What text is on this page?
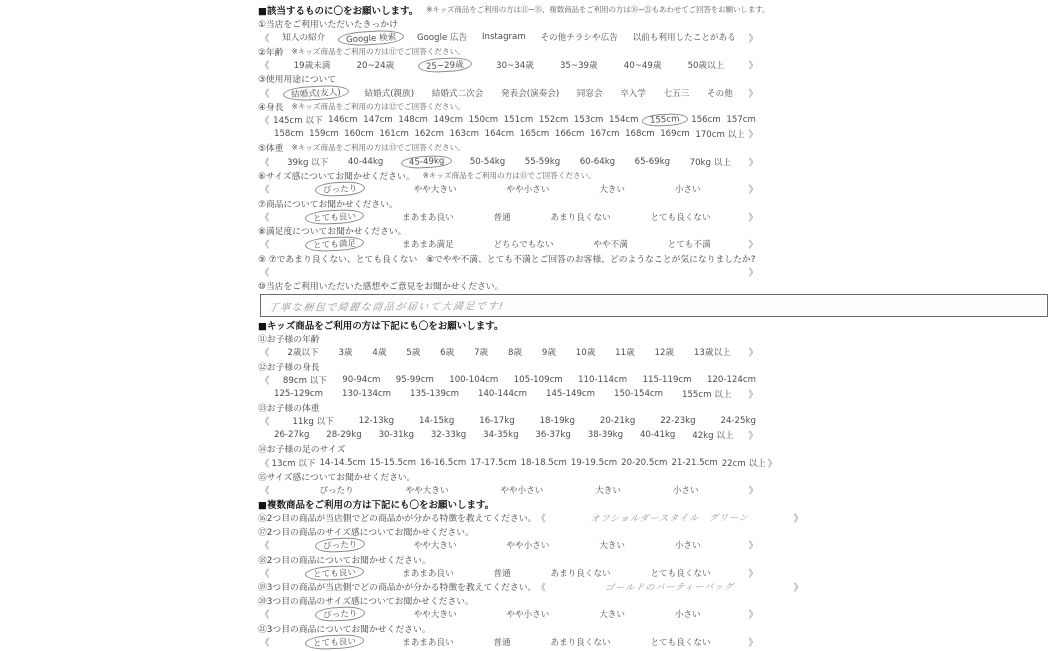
■該当するものに〇をお願いします。 ※キッズ商品をご利用の方は⑪~⑮、複数商品をご利用の方は⑯~㉑もあわせてご回答をお願いします。
①当店をご利用いただいたきっかけ
《 知人の紹介	Google 検索	Google 広告 Instagram その他チラシや広告 以前も利用したことがある 》
②年齢 ※キッズ商品をご利用の方は⑪でご回答ください。
《	19歳未満	20~24歳	25~29歳	30~34歳	35~39歳	40~49歳	50歳以上	》
③使用用途について
《	結婚式(友人)	結婚式(親族) 結婚式二次会 発表会(演奏会) 同窓会 卒入学 七五三 その他 》
④身長 ※キッズ商品をご利用の方は⑫でご回答ください。
《 145cm 以下 146cm 147cm 148cm 149cm 150cm 151cm 152cm 153cm 154cm	155cm	156cm 157cm
158cm 159cm 160cm 161cm 162cm 163cm 164cm 165cm 166cm 167cm 168cm 169cm 170cm 以上 》
⑤体重 ※キッズ商品をご利用の方は⑬でご回答ください。
《 39kg 以下 40-44kg	45-49kg	50-54kg 55-59kg 60-64kg 65-69kg 70kg 以上 》
⑥サイズ感についてお聞かせください。 ※キッズ商品をご利用の方は⑮でご回答ください。
《	ぴったり	やや大きい	やや小さい	大きい	小さい	》
⑦商品についてお聞かせください。
《	とても良い	まあまあ良い	普通	あまり良くない	とても良くない	》
⑧満足度についてお聞かせください。
《	とても満足	まあまあ満足	どちらでもない	やや不満	とても不満	》
⑨ ⑦であまり良くない、とても良くない　⑧でやや不満、とても不満とご回答のお客様、どのようなことが気になりましたか?
《	》
⑩当店をご利用いただいた感想やご意見をお聞かせください。
丁寧な梱包で綺麗な商品が届いて大満足です!
■キッズ商品をご利用の方は下記にも〇をお願いします。
⑪お子様の年齢
《 2歳以下 3歳 4歳 5歳 6歳 7歳 8歳 9歳 10歳 11歳 12歳 13歳以上 》
⑫お子様の身長
《 89cm 以下 90-94cm 95-99cm 100-104cm 105-109cm 110-114cm 115-119cm 120-124cm
125-129cm 130-134cm 135-139cm 140-144cm 145-149cm 150-154cm 155cm 以上 》
⑬お子様の体重
《	11kg 以下	12-13kg	14-15kg	16-17kg	18-19kg	20-21kg	22-23kg	24-25kg
26-27kg 28-29kg 30-31kg 32-33kg 34-35kg 36-37kg 38-39kg 40-41kg 42kg 以上 》
⑭お子様の足のサイズ
《 13cm 以下 14-14.5cm 15-15.5cm 16-16.5cm 17-17.5cm 18-18.5cm 19-19.5cm 20-20.5cm 21-21.5cm 22cm 以上 》
⑮サイズ感についてお聞かせください。
《	ぴったり	やや大きい	やや小さい	大きい	小さい	》
■複数商品をご利用の方は下記にも〇をお願いします。
⑯2つ目の商品が当店側でどの商品かが分かる特徴を教えてください。 《	オフショルダースタイル　グリーン	》
⑰2つ目の商品のサイズ感についてお聞かせください。
《	ぴったり	やや大きい	やや小さい	大きい	小さい	》
⑱2つ目の商品についてお聞かせください。
《	とても良い	まあまあ良い	普通	あまり良くない	とても良くない	》
⑲3つ目の商品が当店側でどの商品かが分かる特徴を教えてください。 《	ゴールドのパーティーバッグ	》
⑳3つ目の商品のサイズ感についてお聞かせください。
《	ぴったり	やや大きい	やや小さい	大きい	小さい	》
㉑3つ目の商品についてお聞かせください。
《	とても良い	まあまあ良い	普通	あまり良くない	とても良くない	》
